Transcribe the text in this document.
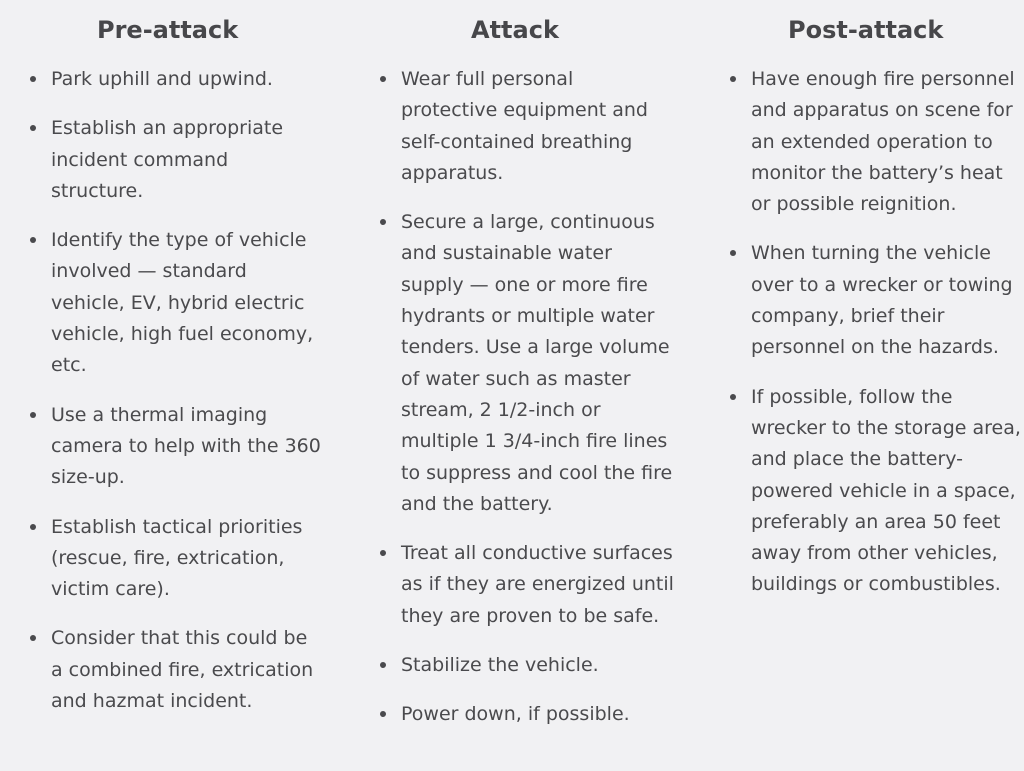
Pre-attack
Park uphill and upwind.
Establish an appropriate incident command structure.
Identify the type of vehicle involved — standard vehicle, EV, hybrid electric vehicle, high fuel economy, etc.
Use a thermal imaging camera to help with the 360 size-up.
Establish tactical priorities (rescue, fire, extrication, victim care).
Consider that this could be a combined fire, extrication and hazmat incident.
Attack
Wear full personal protective equipment and self-contained breathing apparatus.
Secure a large, continuous and sustainable water supply — one or more fire hydrants or multiple water tenders. Use a large volume of water such as master stream, 2 1/2-inch or multiple 1 3/4-inch fire lines to suppress and cool the fire and the battery.
Treat all conductive surfaces as if they are energized until they are proven to be safe.
Stabilize the vehicle.
Power down, if possible.
Post-attack
Have enough fire personnel and apparatus on scene for an extended operation to monitor the battery’s heat or possible reignition.
When turning the vehicle over to a wrecker or towing company, brief their personnel on the hazards.
If possible, follow the wrecker to the storage area, and place the battery-powered vehicle in a space, preferably an area 50 feet away from other vehicles, buildings or combustibles.
